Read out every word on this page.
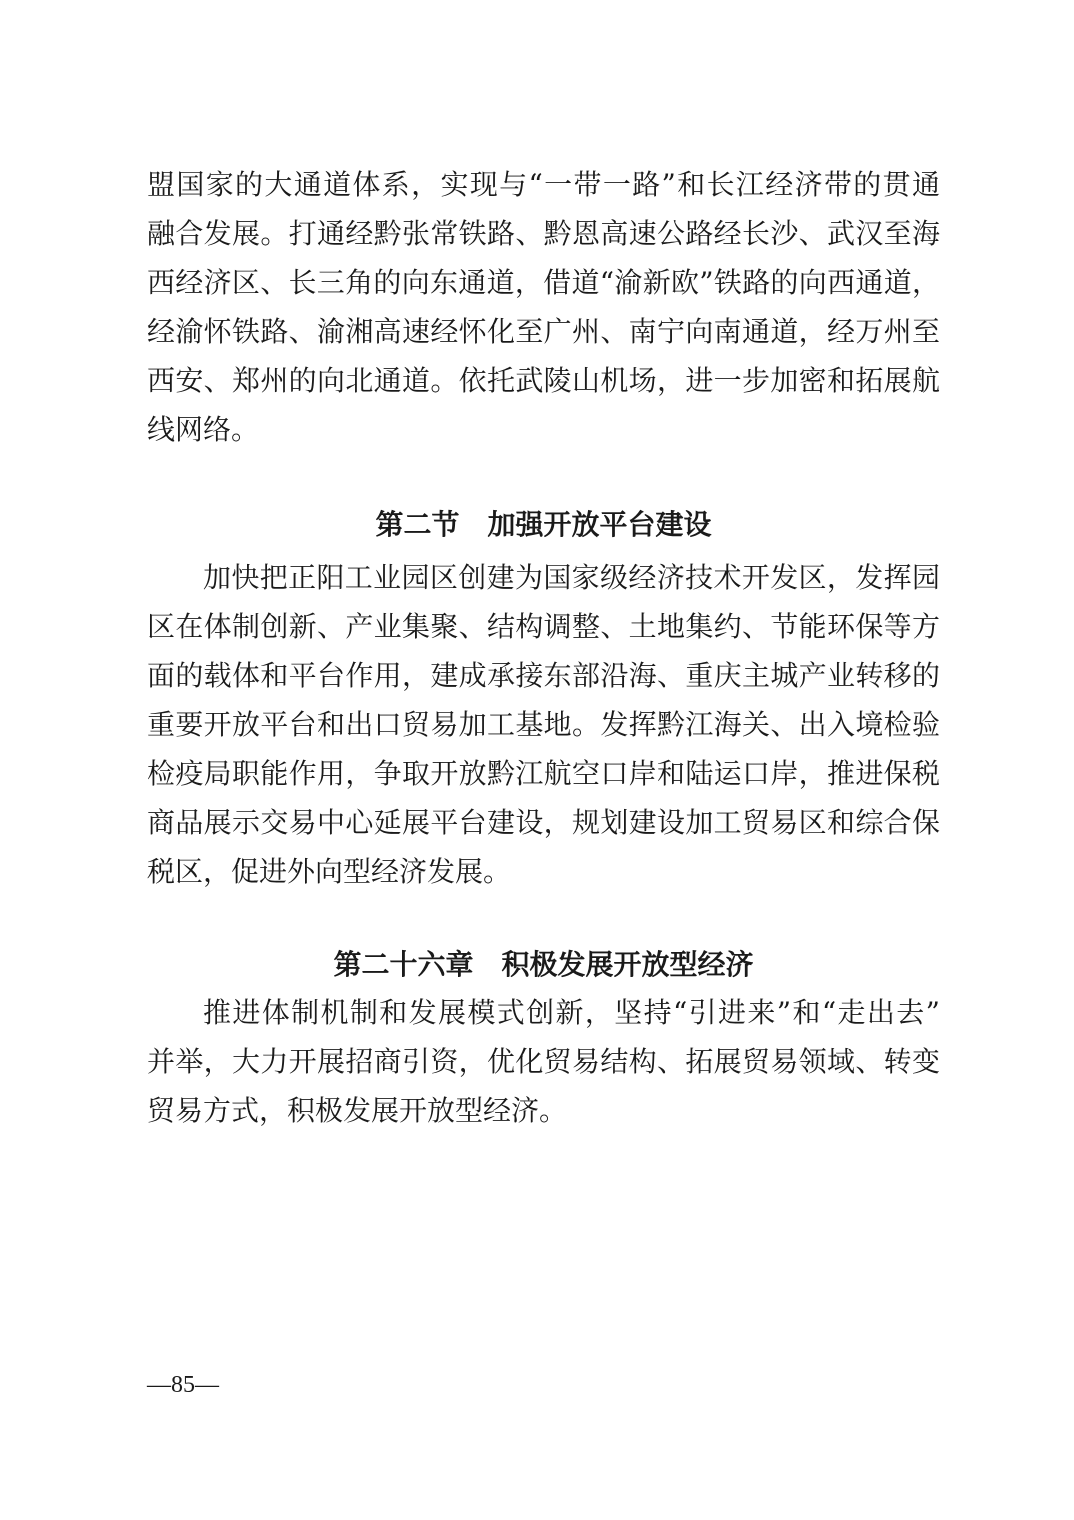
盟国家的大通道体系，实现与“一带一路”和长江经济带的贯通
融合发展。打通经黔张常铁路、黔恩高速公路经长沙、武汉至海
西经济区、长三角的向东通道，借道“渝新欧”铁路的向西通道，
经渝怀铁路、渝湘高速经怀化至广州、南宁向南通道，经万州至
西安、郑州的向北通道。依托武陵山机场，进一步加密和拓展航
线网络。
第二节　加强开放平台建设
加快把正阳工业园区创建为国家级经济技术开发区，发挥园
区在体制创新、产业集聚、结构调整、土地集约、节能环保等方
面的载体和平台作用，建成承接东部沿海、重庆主城产业转移的
重要开放平台和出口贸易加工基地。发挥黔江海关、出入境检验
检疫局职能作用，争取开放黔江航空口岸和陆运口岸，推进保税
商品展示交易中心延展平台建设，规划建设加工贸易区和综合保
税区，促进外向型经济发展。
第二十六章　积极发展开放型经济
推进体制机制和发展模式创新，坚持“引进来”和“走出去”
并举，大力开展招商引资，优化贸易结构、拓展贸易领域、转变
贸易方式，积极发展开放型经济。
—85—
